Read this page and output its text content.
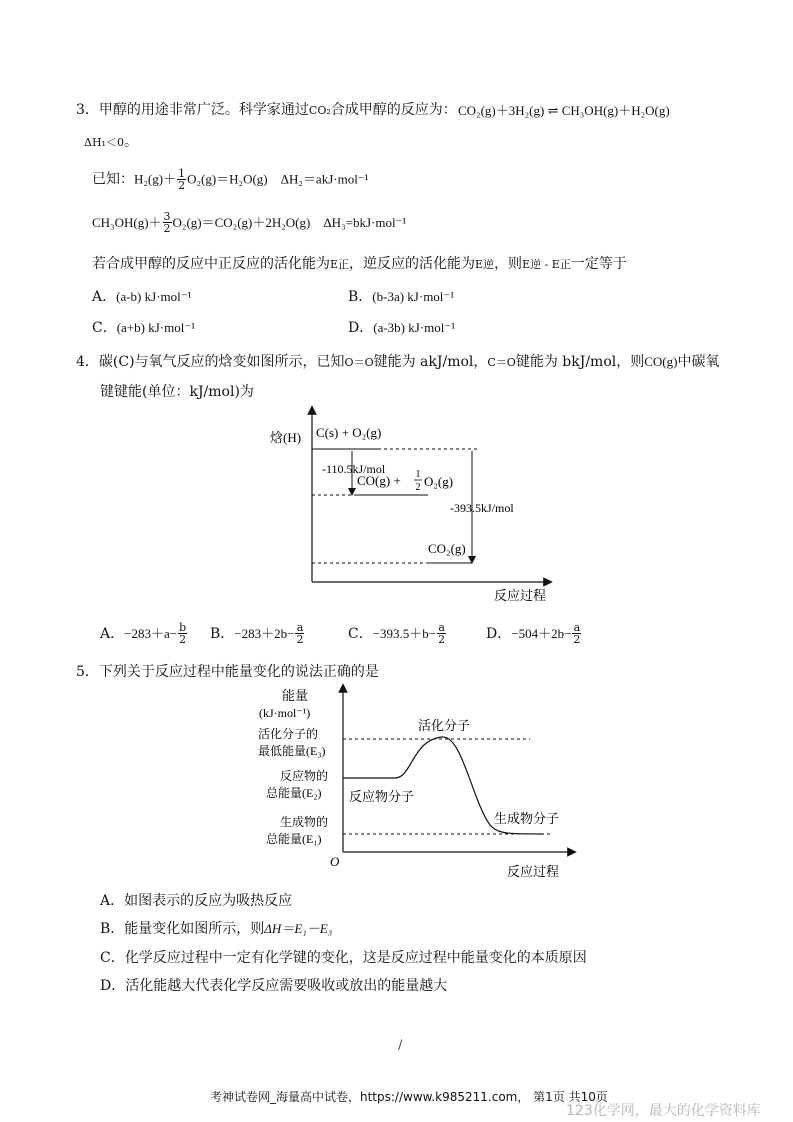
3．甲醇的用途非常广泛。科学家通过CO₂合成甲醇的反应为： CO₂(g)＋3H₂(g) ⇌ CH₃OH(g)＋H₂O(g)
ΔH₁＜0。
已知：$H_2(g)+ \frac{1}{2} O_2(g)=H_2O(g)$　ΔH₂＝akJ·mol⁻¹
$CH_3OH(g)+ \frac{3}{2} O_2(g)=CO_2(g)+2H_2O(g)$　ΔH₃=bkJ·mol⁻¹
若合成甲醇的反应中正反应的活化能为E正，逆反应的活化能为E逆，则E逆 - E正一定等于
A．(a-b) kJ·mol⁻¹	B．(b-3a) kJ·mol⁻¹
C．(a+b) kJ·mol⁻¹	D．(a-3b) kJ·mol⁻¹
4．碳(C)与氧气反应的焓变如图所示，已知O＝O键能为 akJ/mol，C＝O键能为 bkJ/mol，则CO(g)中碳氧
键键能(单位：kJ/mol)为
焓(H)
反应过程
C(s) + O₂(g)
CO(g) + 1
2 O₂(g)
CO₂(g)
-110.5kJ/mol
-393.5kJ/mol
A．$-283+a- \frac{b}{2}$ B．$-283+2b- \frac{a}{2}$	C．$-393.5+b- \frac{a}{2}$	D．$-504+2b- \frac{a}{2}$
5．下列关于反应过程中能量变化的说法正确的是
能量
(kJ·mol⁻¹)
活化分子的
最低能量(E₃)
反应物的
总能量(E₂)
生成物的
总能量(E₁)
O
反应过程
活化分子
反应物分子
生成物分子
A．如图表示的反应为吸热反应
B．能量变化如图所示，则ΔH＝E₁－E₃
C．化学反应过程中一定有化学键的变化，这是反应过程中能量变化的本质原因
D．活化能越大代表化学反应需要吸收或放出的能量越大
/
考神试卷网_海量高中试卷，https://www.k985211.com， 第1页 共10页
123化学网，最大的化学资料库
